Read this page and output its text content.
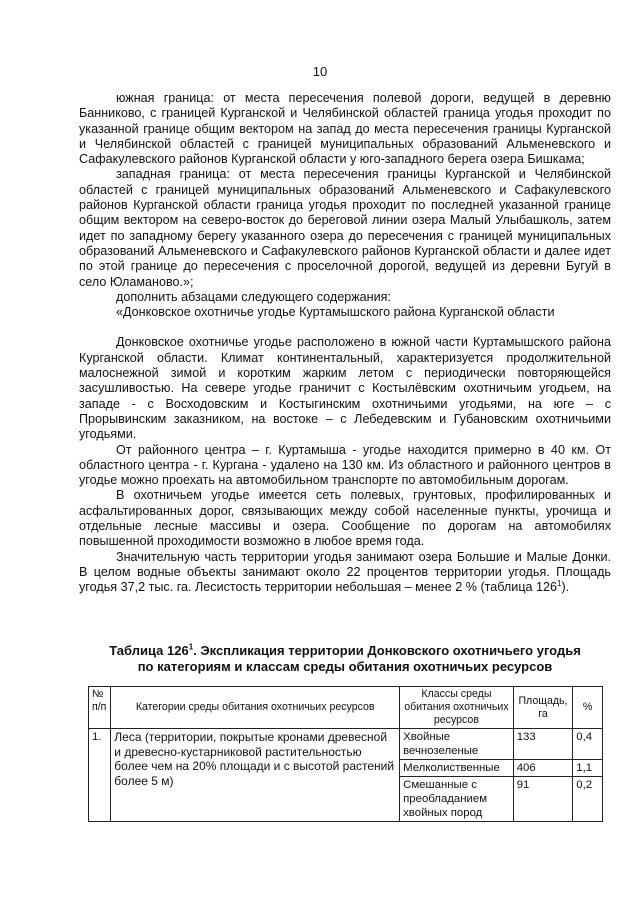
10

южная граница: от места пересечения полевой дороги, ведущей в деревню Банниково, с границей Курганской и Челябинской областей граница угодья проходит по указанной границе общим вектором на запад до места пересечения границы Курганской и Челябинской областей с границей муниципальных образований Альменевского и Сафакулевского районов Курганской области у юго-западного берега озера Бишкама;

западная граница: от места пересечения границы Курганской и Челябинской областей с границей муниципальных образований Альменевского и Сафакулевского районов Курганской области граница угодья проходит по последней указанной границе общим вектором на северо-восток до береговой линии озера Малый Улыбашколь, затем идет по западному берегу указанного озера до пересечения с границей муниципальных образований Альменевского и Сафакулевского районов Курганской области и далее идет по этой границе до пересечения с проселочной дорогой, ведущей из деревни Бугуй в село Юламаново.»;

дополнить абзацами следующего содержания:

«Донковское охотничье угодье Куртамышского района Курганской области

Донковское охотничье угодье расположено в южной части Куртамышского района Курганской области. Климат континентальный, характеризуется продолжительной малоснежной зимой и коротким жарким летом с периодически повторяющейся засушливостью. На севере угодье граничит с Костылёвским охотничьим угодьем, на западе - с Восходовским и Костыгинским охотничьими угодьями, на юге – с Прорывинским заказником, на востоке – с Лебедевским и Губановским охотничьими угодьями.

От районного центра – г. Куртамыша - угодье находится примерно в 40 км. От областного центра - г. Кургана - удалено на 130 км. Из областного и районного центров в угодье можно проехать на автомобильном транспорте по автомобильным дорогам.

В охотничьем угодье имеется сеть полевых, грунтовых, профилированных и асфальтированных дорог, связывающих между собой населенные пункты, урочища и отдельные лесные массивы и озера. Сообщение по дорогам на автомобилях повышенной проходимости возможно в любое время года.

Значительную часть территории угодья занимают озера Большие и Малые Донки. В целом водные объекты занимают около 22 процентов территории угодья. Площадь угодья 37,2 тыс. га. Лесистость территории небольшая – менее 2 % (таблица $126^1$).

Таблица $126^1$. Экспликация территории Донковского охотничьего угодья
по категориям и классам среды обитания охотничьих ресурсов
№ п/п	Категории среды обитания охотничьих ресурсов	Классы среды обитания охотничьих ресурсов	Площадь, га	%
1.	Леса (территории, покрытые кронами древесной и древесно-кустарниковой растительностью более чем на 20% площади и с высотой растений более 5 м)	Хвойные вечнозеленые	133	0,4
		Мелколиственные	406	1,1
		Смешанные с преобладанием хвойных пород	91	0,2
